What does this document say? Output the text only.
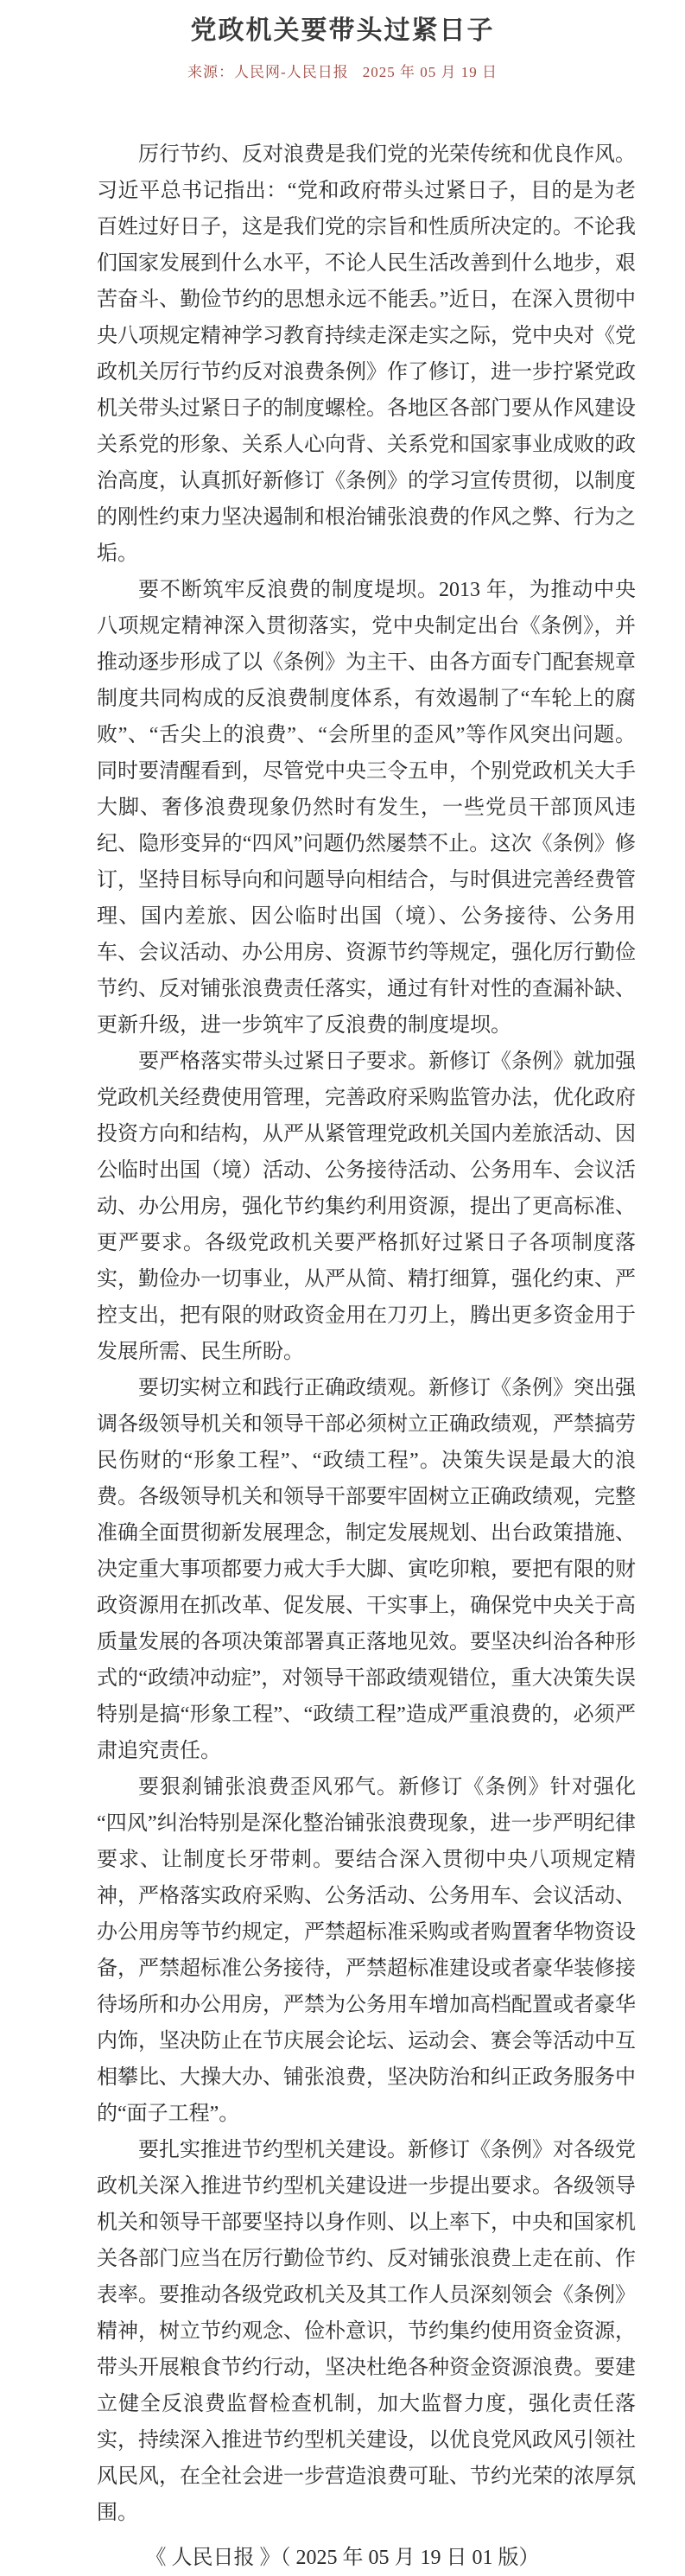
党政机关要带头过紧日子
来源：人民网-人民日报 2025 年 05 月 19 日

厉行节约、反对浪费是我们党的光荣传统和优良作风。习近平总书记指出：“党和政府带头过紧日子，目的是为老百姓过好日子，这是我们党的宗旨和性质所决定的。不论我们国家发展到什么水平，不论人民生活改善到什么地步，艰苦奋斗、勤俭节约的思想永远不能丢。”近日，在深入贯彻中央八项规定精神学习教育持续走深走实之际，党中央对《党政机关厉行节约反对浪费条例》作了修订，进一步拧紧党政机关带头过紧日子的制度螺栓。各地区各部门要从作风建设关系党的形象、关系人心向背、关系党和国家事业成败的政治高度，认真抓好新修订《条例》的学习宣传贯彻，以制度的刚性约束力坚决遏制和根治铺张浪费的作风之弊、行为之垢。

要不断筑牢反浪费的制度堤坝。2013 年，为推动中央八项规定精神深入贯彻落实，党中央制定出台《条例》，并推动逐步形成了以《条例》为主干、由各方面专门配套规章制度共同构成的反浪费制度体系，有效遏制了“车轮上的腐败”、“舌尖上的浪费”、“会所里的歪风”等作风突出问题。同时要清醒看到，尽管党中央三令五申，个别党政机关大手大脚、奢侈浪费现象仍然时有发生，一些党员干部顶风违纪、隐形变异的“四风”问题仍然屡禁不止。这次《条例》修订，坚持目标导向和问题导向相结合，与时俱进完善经费管理、国内差旅、因公临时出国（境）、公务接待、公务用车、会议活动、办公用房、资源节约等规定，强化厉行勤俭节约、反对铺张浪费责任落实，通过有针对性的查漏补缺、更新升级，进一步筑牢了反浪费的制度堤坝。

要严格落实带头过紧日子要求。新修订《条例》就加强党政机关经费使用管理，完善政府采购监管办法，优化政府投资方向和结构，从严从紧管理党政机关国内差旅活动、因公临时出国（境）活动、公务接待活动、公务用车、会议活动、办公用房，强化节约集约利用资源，提出了更高标准、更严要求。各级党政机关要严格抓好过紧日子各项制度落实，勤俭办一切事业，从严从简、精打细算，强化约束、严控支出，把有限的财政资金用在刀刃上，腾出更多资金用于发展所需、民生所盼。

要切实树立和践行正确政绩观。新修订《条例》突出强调各级领导机关和领导干部必须树立正确政绩观，严禁搞劳民伤财的“形象工程”、“政绩工程”。决策失误是最大的浪费。各级领导机关和领导干部要牢固树立正确政绩观，完整准确全面贯彻新发展理念，制定发展规划、出台政策措施、决定重大事项都要力戒大手大脚、寅吃卯粮，要把有限的财政资源用在抓改革、促发展、干实事上，确保党中央关于高质量发展的各项决策部署真正落地见效。要坚决纠治各种形式的“政绩冲动症”，对领导干部政绩观错位，重大决策失误特别是搞“形象工程”、“政绩工程”造成严重浪费的，必须严肃追究责任。

要狠刹铺张浪费歪风邪气。新修订《条例》针对强化“四风”纠治特别是深化整治铺张浪费现象，进一步严明纪律要求、让制度长牙带刺。要结合深入贯彻中央八项规定精神，严格落实政府采购、公务活动、公务用车、会议活动、办公用房等节约规定，严禁超标准采购或者购置奢华物资设备，严禁超标准公务接待，严禁超标准建设或者豪华装修接待场所和办公用房，严禁为公务用车增加高档配置或者豪华内饰，坚决防止在节庆展会论坛、运动会、赛会等活动中互相攀比、大操大办、铺张浪费，坚决防治和纠正政务服务中的“面子工程”。

要扎实推进节约型机关建设。新修订《条例》对各级党政机关深入推进节约型机关建设进一步提出要求。各级领导机关和领导干部要坚持以身作则、以上率下，中央和国家机关各部门应当在厉行勤俭节约、反对铺张浪费上走在前、作表率。要推动各级党政机关及其工作人员深刻领会《条例》精神，树立节约观念、俭朴意识，节约集约使用资金资源，带头开展粮食节约行动，坚决杜绝各种资金资源浪费。要建立健全反浪费监督检查机制，加大监督力度，强化责任落实，持续深入推进节约型机关建设，以优良党风政风引领社风民风，在全社会进一步营造浪费可耻、节约光荣的浓厚氛围。

《 人民日报 》（ 2025 年 05 月 19 日 01 版）
